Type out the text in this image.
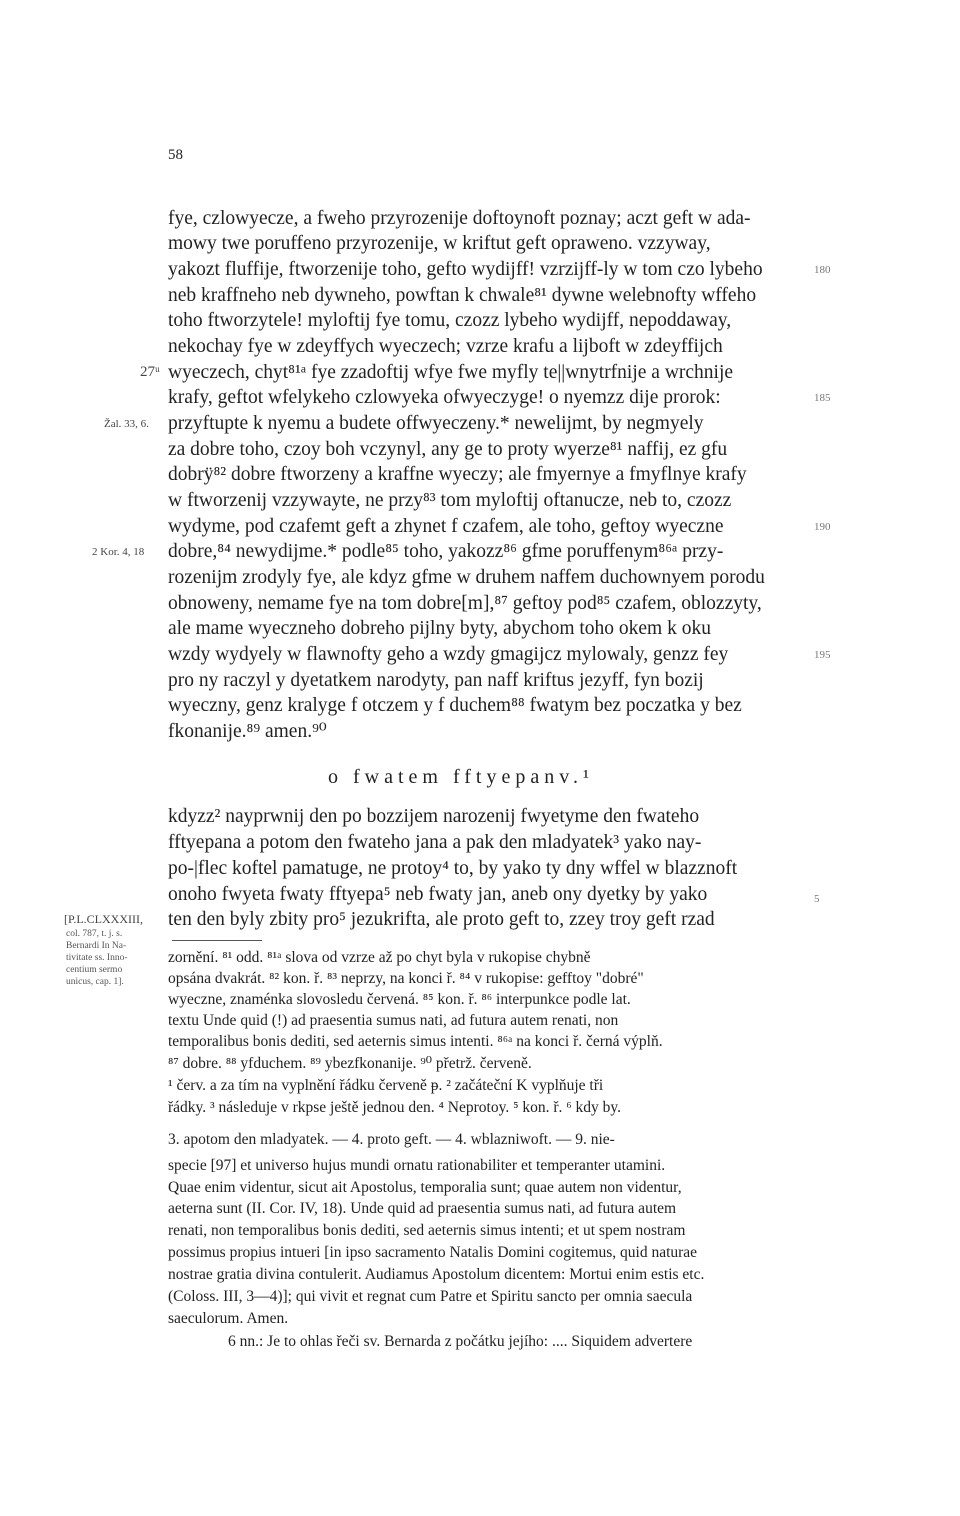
58
fye, czlowyecze, a fweho przyrozenije doftoynoft poznay; aczt geft w ada-
mowy twe poruffeno przyrozenije, w kriftut geft opraweno. vzzyway,
yakozt fluffije, ftworzenije toho, gefto wydijff! vzrzijff-ly w tom czo lybeho
neb kraffneho neb dywneho, powftan k chwale⁸¹ dywne welebnofty wffeho
toho ftworzytele! myloftij fye tomu, czozz lybeho wydijff, nepoddaway,
nekochay fye w zdeyffych wyeczech; vzrze krafu a lijboft w zdeyffijch
wyeczech, chyt⁸¹ᵃ fye zzadoftij wfye fwe myfly te||wnytrfnije a wrchnije
krafy, geftot wfelykeho czlowyeka ofwyeczyge! o nyemzz dije prorok:
przyftupte k nyemu a budete offwyeczeny.* newelijmt, by negmyely
za dobre toho, czoy boh vczynyl, any ge to proty wyerze⁸¹ naffij, ez gfu
dobrÿ⁸² dobre ftworzeny a kraffne wyeczy; ale fmyernye a fmyflnye krafy
w ftworzenij vzzywayte, ne przy⁸³ tom myloftij oftanucze, neb to, czozz
wydyme, pod czafemt geft a zhynet f czafem, ale toho, geftoy wyeczne
dobre,⁸⁴ newydijme.* podle⁸⁵ toho, yakozz⁸⁶ gfme poruffenym⁸⁶ᵃ przy-
rozenijm zrodyly fye, ale kdyz gfme w druhem naffem duchownyem porodu
obnoweny, nemame fye na tom dobre[m],⁸⁷ geftoy pod⁸⁵ czafem, oblozzyty,
ale mame wyeczneho dobreho pijlny byty, abychom toho okem k oku
wzdy wydyely w flawnofty geho a wzdy gmagijcz mylowaly, genzz fey
pro ny raczyl y dyetatkem narodyty, pan naff kriftus jezyff, fyn bozij
wyeczny, genz kralyge f otczem y f duchem⁸⁸ fwatym bez poczatka y bez
fkonanije.⁸⁹ amen.⁹⁰
180
185
190
195
5
27ᵘ
Žal. 33, 6.
2 Kor. 4, 18
o fwatem fftyepanv.¹
kdyzz² nayprwnij den po bozzijem narozenij fwyetyme den fwateho
fftyepana a potom den fwateho jana a pak den mladyatek³ yako nay-
po-|flec koftel pamatuge, ne protoy⁴ to, by yako ty dny wffel w blazznoft
onoho fwyeta fwaty fftyepa⁵ neb fwaty jan, aneb ony dyetky by yako
ten den byly zbity pro⁵ jezukrifta, ale proto geft to, zzey troy geft rzad
[P.L.CLXXXIII,
col. 787, t. j. s.
Bernardi In Na-
tivitate ss. Inno-
centium sermo
unicus, cap. 1].
zornění. ⁸¹ odd. ⁸¹ᵃ slova od vzrze až po chyt byla v rukopise chybně
opsána dvakrát. ⁸² kon. ř. ⁸³ neprzy, na konci ř. ⁸⁴ v rukopise: gefftoy "dobré"
wyeczne, znaménka slovosledu červená. ⁸⁵ kon. ř. ⁸⁶ interpunkce podle lat.
textu Unde quid (!) ad praesentia sumus nati, ad futura autem renati, non
temporalibus bonis dediti, sed aeternis simus intenti. ⁸⁶ᵃ na konci ř. černá výplň.
⁸⁷ dobre. ⁸⁸ yfduchem. ⁸⁹ ybezfkonanije. ⁹⁰ přetrž. červeně.
¹ červ. a za tím na vyplnění řádku červeně ᵽ. ² začáteční K vyplňuje tři
řádky. ³ následuje v rkpse ještě jednou den. ⁴ Neprotoy. ⁵ kon. ř. ⁶ kdy by.
3. apotom den mladyatek. — 4. proto geft. — 4. wblazniwoft. — 9. nie-
specie [97] et universo hujus mundi ornatu rationabiliter et temperanter utamini.
Quae enim videntur, sicut ait Apostolus, temporalia sunt; quae autem non videntur,
aeterna sunt (II. Cor. IV, 18). Unde quid ad praesentia sumus nati, ad futura autem
renati, non temporalibus bonis dediti, sed aeternis simus intenti; et ut spem nostram
possimus propius intueri [in ipso sacramento Natalis Domini cogitemus, quid naturae
nostrae gratia divina contulerit. Audiamus Apostolum dicentem: Mortui enim estis etc.
(Coloss. III, 3—4)]; qui vivit et regnat cum Patre et Spiritu sancto per omnia saecula
saeculorum. Amen.
6 nn.: Je to ohlas řeči sv. Bernarda z počátku jejího: .... Siquidem advertere
